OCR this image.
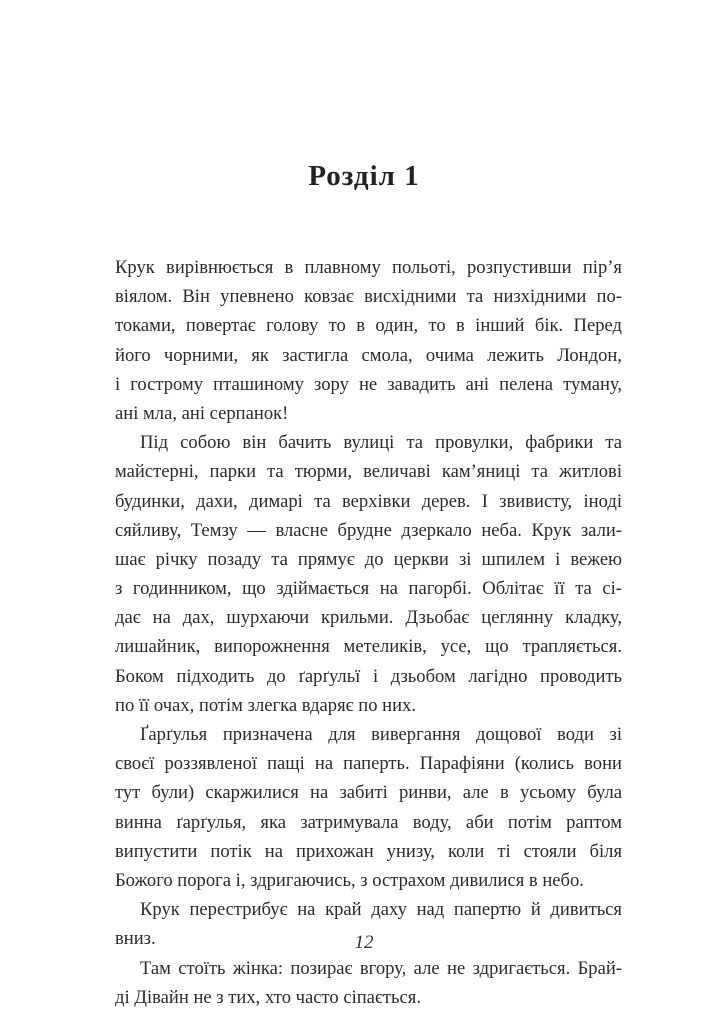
Розділ 1
Крук вирівнюється в плавному польоті, розпустивши пір’я
віялом. Він упевнено ковзає висхідними та низхідними по-
токами, повертає голову то в один, то в інший бік. Перед
його чорними, як застигла смола, очима лежить Лондон,
і гострому пташиному зору не завадить ані пелена туману,
ані мла, ані серпанок!
Під собою він бачить вулиці та провулки, фабрики та
майстерні, парки та тюрми, величаві кам’яниці та житлові
будинки, дахи, димарі та верхівки дерев. І звивисту, іноді
сяйливу, Темзу — власне брудне дзеркало неба. Крук зали-
шає річку позаду та прямує до церкви зі шпилем і вежею
з годинником, що здіймається на пагорбі. Облітає її та сі-
дає на дах, шурхаючи крильми. Дзьобає цеглянну кладку,
лишайник, випорожнення метеликів, усе, що трапляється.
Боком підходить до ґарґульї і дзьобом лагідно проводить
по її очах, потім злегка вдаряє по них.
Ґарґулья призначена для вивергання дощової води зі
своєї роззявленої пащі на паперть. Парафіяни (колись вони
тут були) скаржилися на забиті ринви, але в усьому була
винна ґарґулья, яка затримувала воду, аби потім раптом
випустити потік на прихожан унизу, коли ті стояли біля
Божого порога і, здригаючись, з острахом дивилися в небо.
Крук перестрибує на край даху над папертю й дивиться
вниз.
Там стоїть жінка: позирає вгору, але не здригається. Брай-
ді Дівайн не з тих, хто часто сіпається.
12
